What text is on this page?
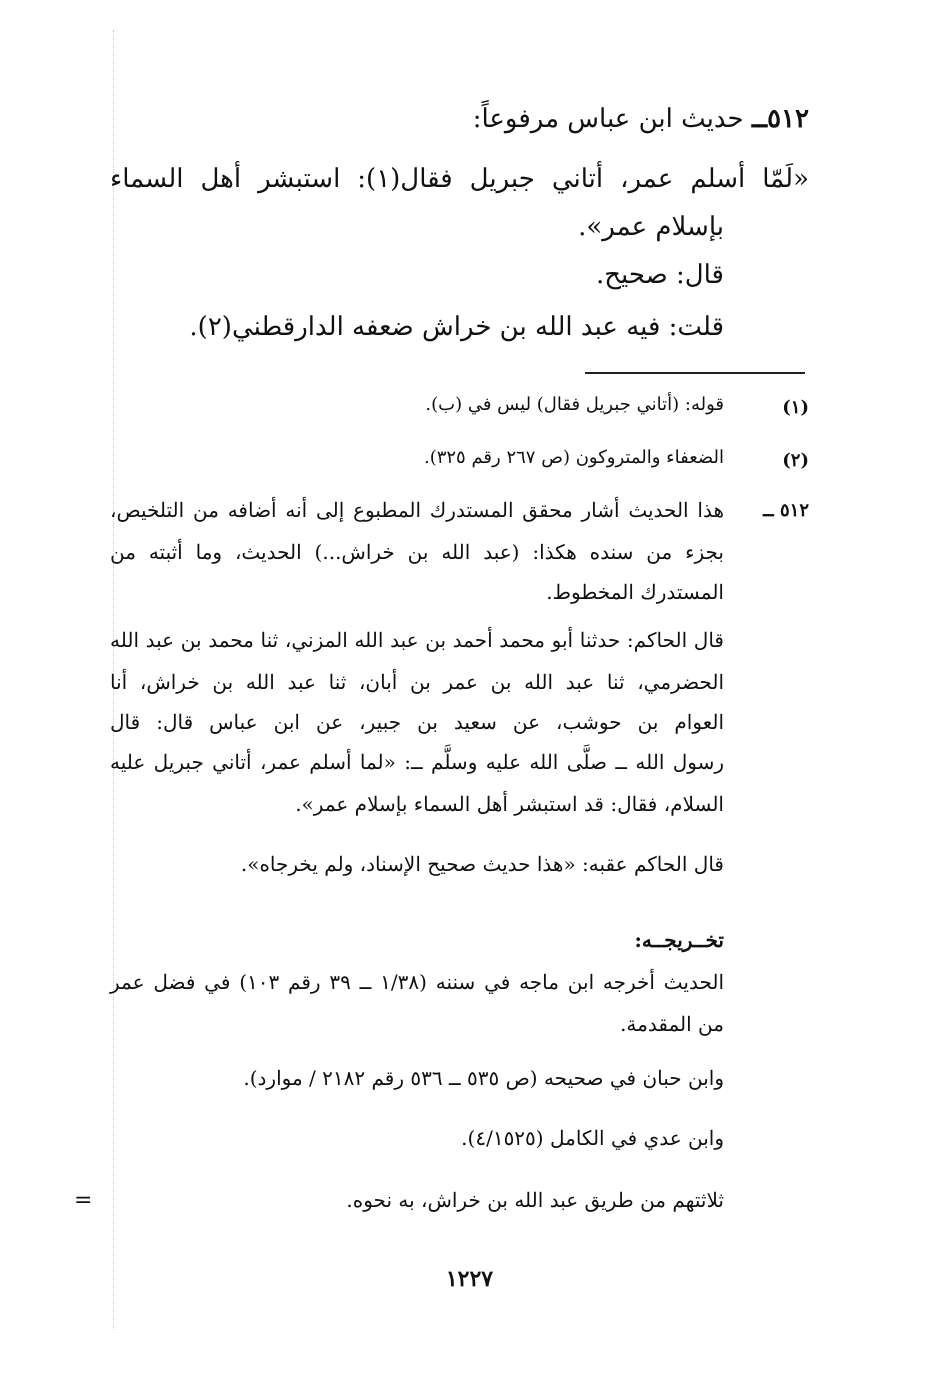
٥١٢ــ حديث ابن عباس مرفوعاً:
«لَمّا أسلم عمر، أتاني جبريل فقال(١): استبشر أهل السماء
بإسلام عمر».
قال: صحيح.
قلت: فيه عبد الله بن خراش ضعفه الدارقطني(٢).
(١)
قوله: (أتاني جبريل فقال) ليس في (ب).
(٢)
الضعفاء والمتروكون (ص ٢٦٧ رقم ٣٢٥).
٥١٢ ــ
هذا الحديث أشار محقق المستدرك المطبوع إلى أنه أضافه من التلخيص،
بجزء من سنده هكذا: (عبد الله بن خراش...) الحديث، وما أثبته من
المستدرك المخطوط.
قال الحاكم: حدثنا أبو محمد أحمد بن عبد الله المزني، ثنا محمد بن عبد الله
الحضرمي، ثنا عبد الله بن عمر بن أبان، ثنا عبد الله بن خراش، أنا
العوام بن حوشب، عن سعيد بن جبير، عن ابن عباس قال: قال
رسول الله ــ صلَّى الله عليه وسلَّم ــ: «لما أسلم عمر، أتاني جبريل عليه
السلام، فقال: قد استبشر أهل السماء بإسلام عمر».
قال الحاكم عقبه: «هذا حديث صحيح الإسناد، ولم يخرجاه».
تخــريجــه:
الحديث أخرجه ابن ماجه في سننه (١/٣٨ ــ ٣٩ رقم ١٠٣) في فضل عمر
من المقدمة.
وابن حبان في صحيحه (ص ٥٣٥ ــ ٥٣٦ رقم ٢١٨٢ / موارد).
وابن عدي في الكامل (٤/١٥٢٥).
ثلاثتهم من طريق عبد الله بن خراش، به نحوه.
=
١٢٢٧
